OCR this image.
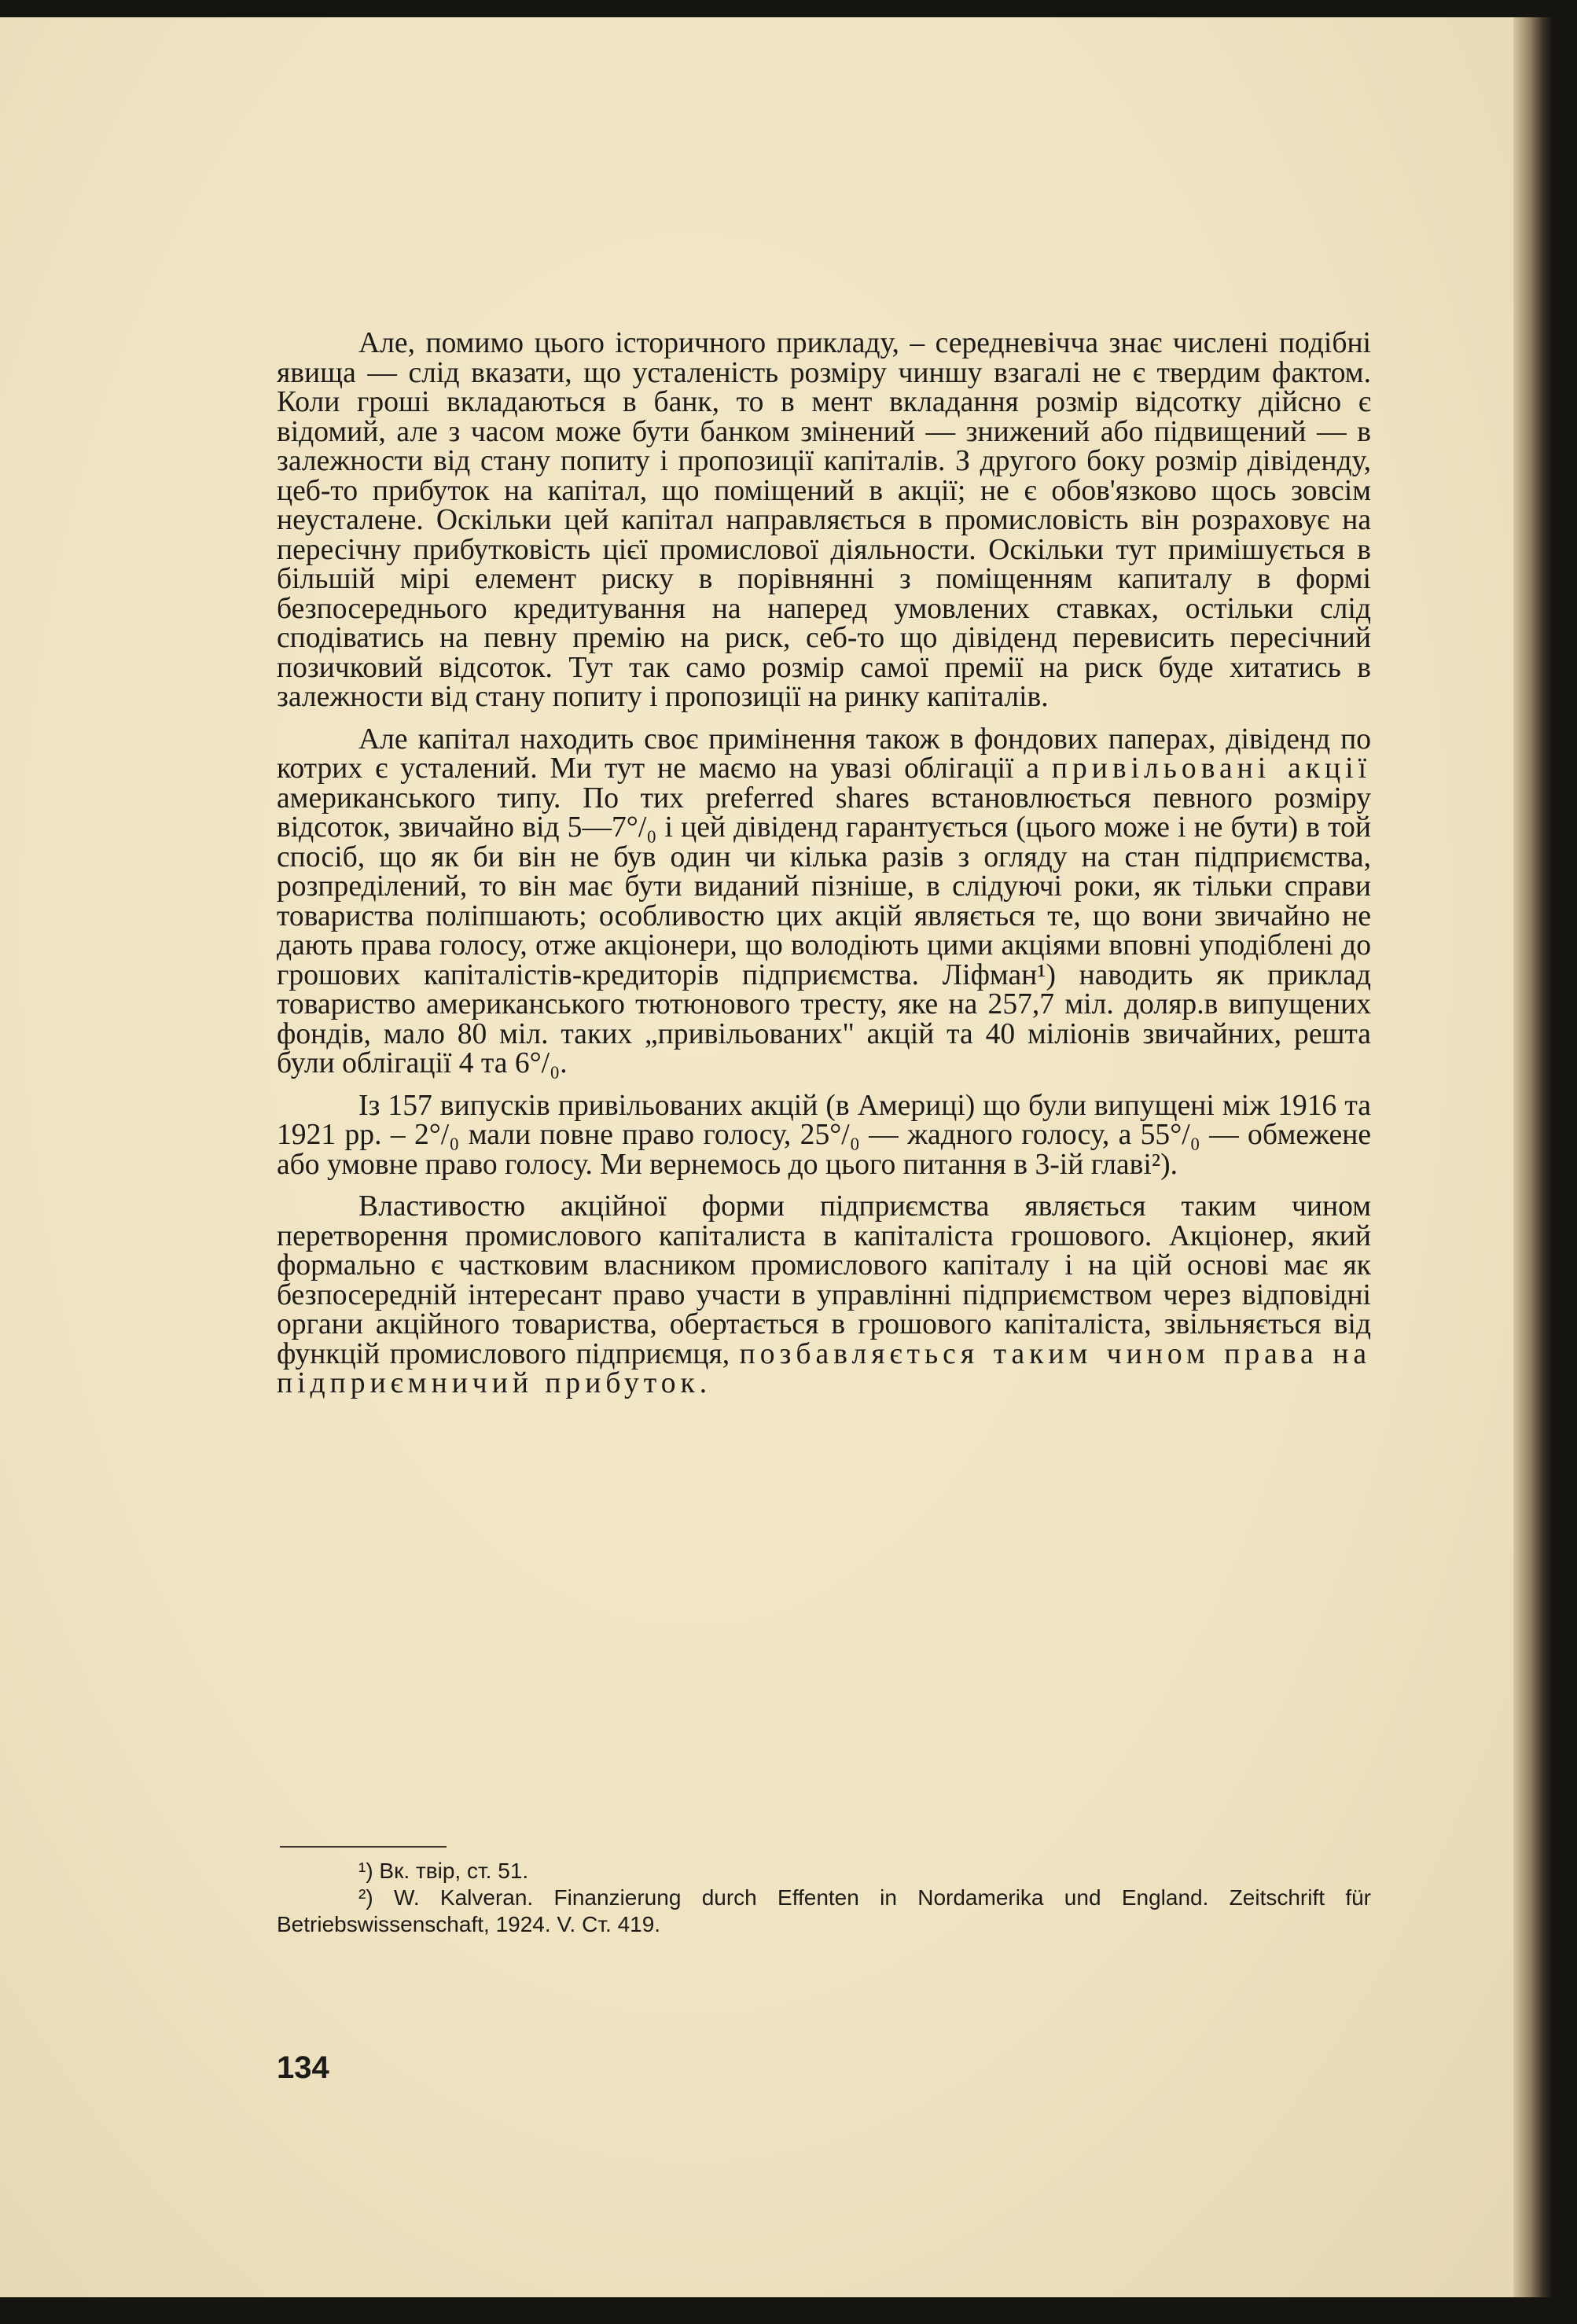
Але, помимо цього історичного прикладу, – середневічча знає числені подібні явища — слід вказати, що усталеність розміру чиншу взагалі не є твердим фактом. Коли гроші вкладаються в банк, то в мент вкладання розмір відсотку дійсно є відомий, але з часом може бути банком змінений — знижений або підвищений — в залежности від стану попиту і пропозиції капіталів. З другого боку розмір дівіденду, цеб-то прибуток на капітал, що поміщений в акції; не є обов'язково щось зовсім неусталене. Оскільки цей капітал направляється в промисловість він розраховує на пересічну прибутковість цієї промислової діяльности. Оскільки тут примішується в більшій мірі елемент риску в порівнянні з поміщенням капиталу в формі безпосереднього кредитування на наперед умовлених ставках, остільки слід сподіватись на певну премію на риск, себ-то що дівіденд перевисить пересічний позичковий відсоток. Тут так само розмір самої премії на риск буде хитатись в залежности від стану попиту і пропозиції на ринку капіталів.

Але капітал находить своє примінення також в фондових паперах, дівіденд по котрих є усталений. Ми тут не маємо на увазі облігації а привільовані акції американського типу. По тих preferred shares встановлюється певного розміру відсоток, звичайно від 5—7°/₀ і цей дівіденд гарантується (цього може і не бути) в той спосіб, що як би він не був один чи кілька разів з огляду на стан підприємства, розпреділений, то він має бути виданий пізніше, в слідуючі роки, як тільки справи товариства поліпшають; особливостю цих акцій являється те, що вони звичайно не дають права голосу, отже акціонери, що володіють цими акціями вповні уподіблені до грошових капіталістів-кредиторів підприємства. Ліфман¹) наводить як приклад товариство американського тютюнового тресту, яке на 257,7 міл. доляр.в випущених фондів, мало 80 міл. таких „привільованих" акцій та 40 міліонів звичайних, решта були облігації 4 та 6°/₀.

Із 157 випусків привільованих акцій (в Америці) що були випущені між 1916 та 1921 рр. – 2°/₀ мали повне право голосу, 25°/₀ — жадного голосу, а 55°/₀ — обмежене або умовне право голосу. Ми вернемось до цього питання в 3-ій главі²).

Властивостю акційної форми підприємства являється таким чином перетворення промислового капіталиста в капіталіста грошового. Акціонер, який формально є частковим власником промислового капіталу і на цій основі має як безпосередній інтересант право участи в управлінні підприємством через відповідні органи акційного товариства, обертається в грошового капіталіста, звільняється від функцій промислового підприємця, позбавляється таким чином права на підприємничий прибуток.

¹) Вк. твір, ст. 51.

²) W. Kalveran. Finanzierung durch Effenten in Nordamerika und England. Zeitschrift für Betriebswissenschaft, 1924. V. Ст. 419.

134
